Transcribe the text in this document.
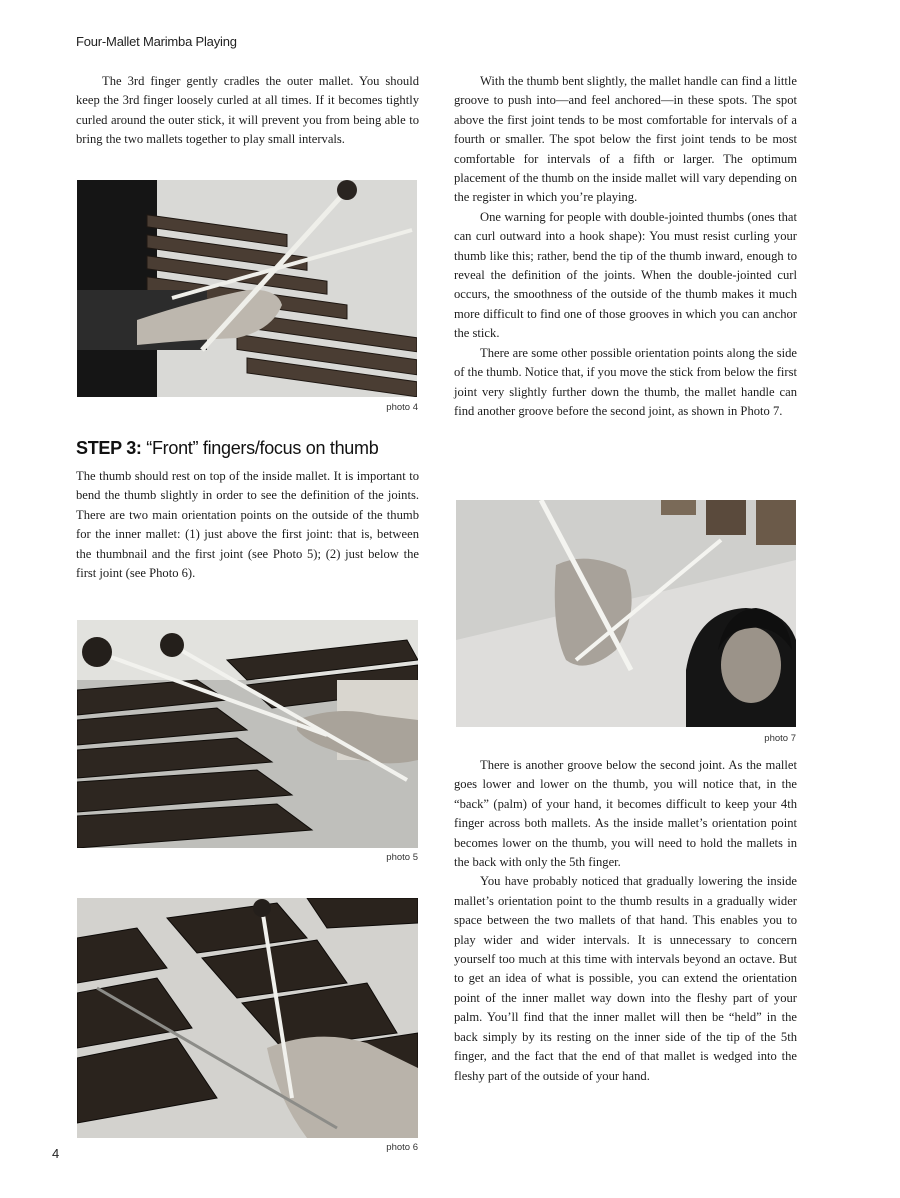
Four-Mallet Marimba Playing

The 3rd finger gently cradles the outer mallet. You should keep the 3rd finger loosely curled at all times. If it becomes tightly curled around the outer stick, it will prevent you from being able to bring the two mallets together to play small intervals.

photo 4
STEP 3: “Front” fingers/focus on thumb

The thumb should rest on top of the inside mallet. It is important to bend the thumb slightly in order to see the definition of the joints. There are two main orientation points on the outside of the thumb for the inner mallet: (1) just above the first joint: that is, between the thumbnail and the first joint (see Photo 5); (2) just below the first joint (see Photo 6).

photo 5
photo 6

With the thumb bent slightly, the mallet handle can find a little groove to push into—and feel anchored—in these spots. The spot above the first joint tends to be most comfortable for intervals of a fourth or smaller. The spot below the first joint tends to be most comfortable for intervals of a fifth or larger. The optimum placement of the thumb on the inside mallet will vary depending on the register in which you’re playing.

One warning for people with double-jointed thumbs (ones that can curl outward into a hook shape): You must resist curling your thumb like this; rather, bend the tip of the thumb inward, enough to reveal the definition of the joints. When the double-jointed curl occurs, the smoothness of the outside of the thumb makes it much more difficult to find one of those grooves in which you can anchor the stick.

There are some other possible orientation points along the side of the thumb. Notice that, if you move the stick from below the first joint very slightly further down the thumb, the mallet handle can find another groove before the second joint, as shown in Photo 7.

photo 7

There is another groove below the second joint. As the mallet goes lower and lower on the thumb, you will notice that, in the “back” (palm) of your hand, it becomes difficult to keep your 4th finger across both mallets. As the inside mallet’s orientation point becomes lower on the thumb, you will need to hold the mallets in the back with only the 5th finger.

You have probably noticed that gradually lowering the inside mallet’s orientation point to the thumb results in a gradually wider space between the two mallets of that hand. This enables you to play wider and wider intervals. It is unnecessary to concern yourself too much at this time with intervals beyond an octave. But to get an idea of what is possible, you can extend the orientation point of the inner mallet way down into the fleshy part of your palm. You’ll find that the inner mallet will then be “held” in the back simply by its resting on the inner side of the tip of the 5th finger, and the fact that the end of that mallet is wedged into the fleshy part of the outside of your hand.

4
